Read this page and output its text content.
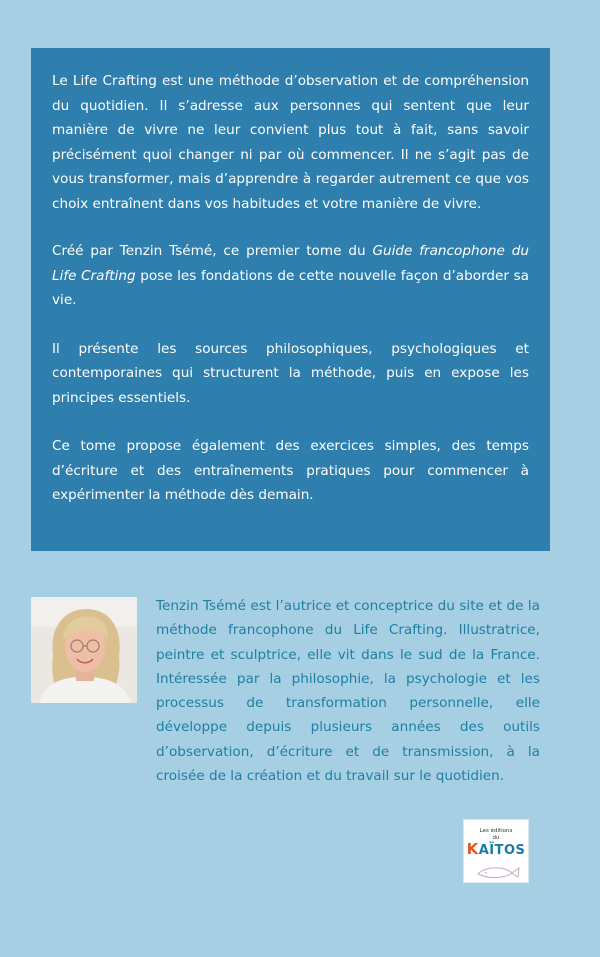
Le Life Crafting est une méthode d’observation et de compréhension du quotidien. Il s’adresse aux personnes qui sentent que leur manière de vivre ne leur convient plus tout à fait, sans savoir précisément quoi changer ni par où commencer. Il ne s’agit pas de vous transformer, mais d’apprendre à regarder autrement ce que vos choix entraînent dans vos habitudes et votre manière de vivre.

Créé par Tenzin Tsémé, ce premier tome du Guide francophone du Life Crafting pose les fondations de cette nouvelle façon d’aborder sa vie.

Il présente les sources philosophiques, psychologiques et contemporaines qui structurent la méthode, puis en expose les principes essentiels.

Ce tome propose également des exercices simples, des temps d’écriture et des entraînements pratiques pour commencer à expérimenter la méthode dès demain.

Tenzin Tsémé est l’autrice et conceptrice du site et de la méthode francophone du Life Crafting. Illustratrice, peintre et sculptrice, elle vit dans le sud de la France. Intéressée par la philosophie, la psychologie et les processus de transformation personnelle, elle développe depuis plusieurs années des outils d’observation, d’écriture et de transmission, à la croisée de la création et du travail sur le quotidien.

Les éditions
du
KAÏTOS
